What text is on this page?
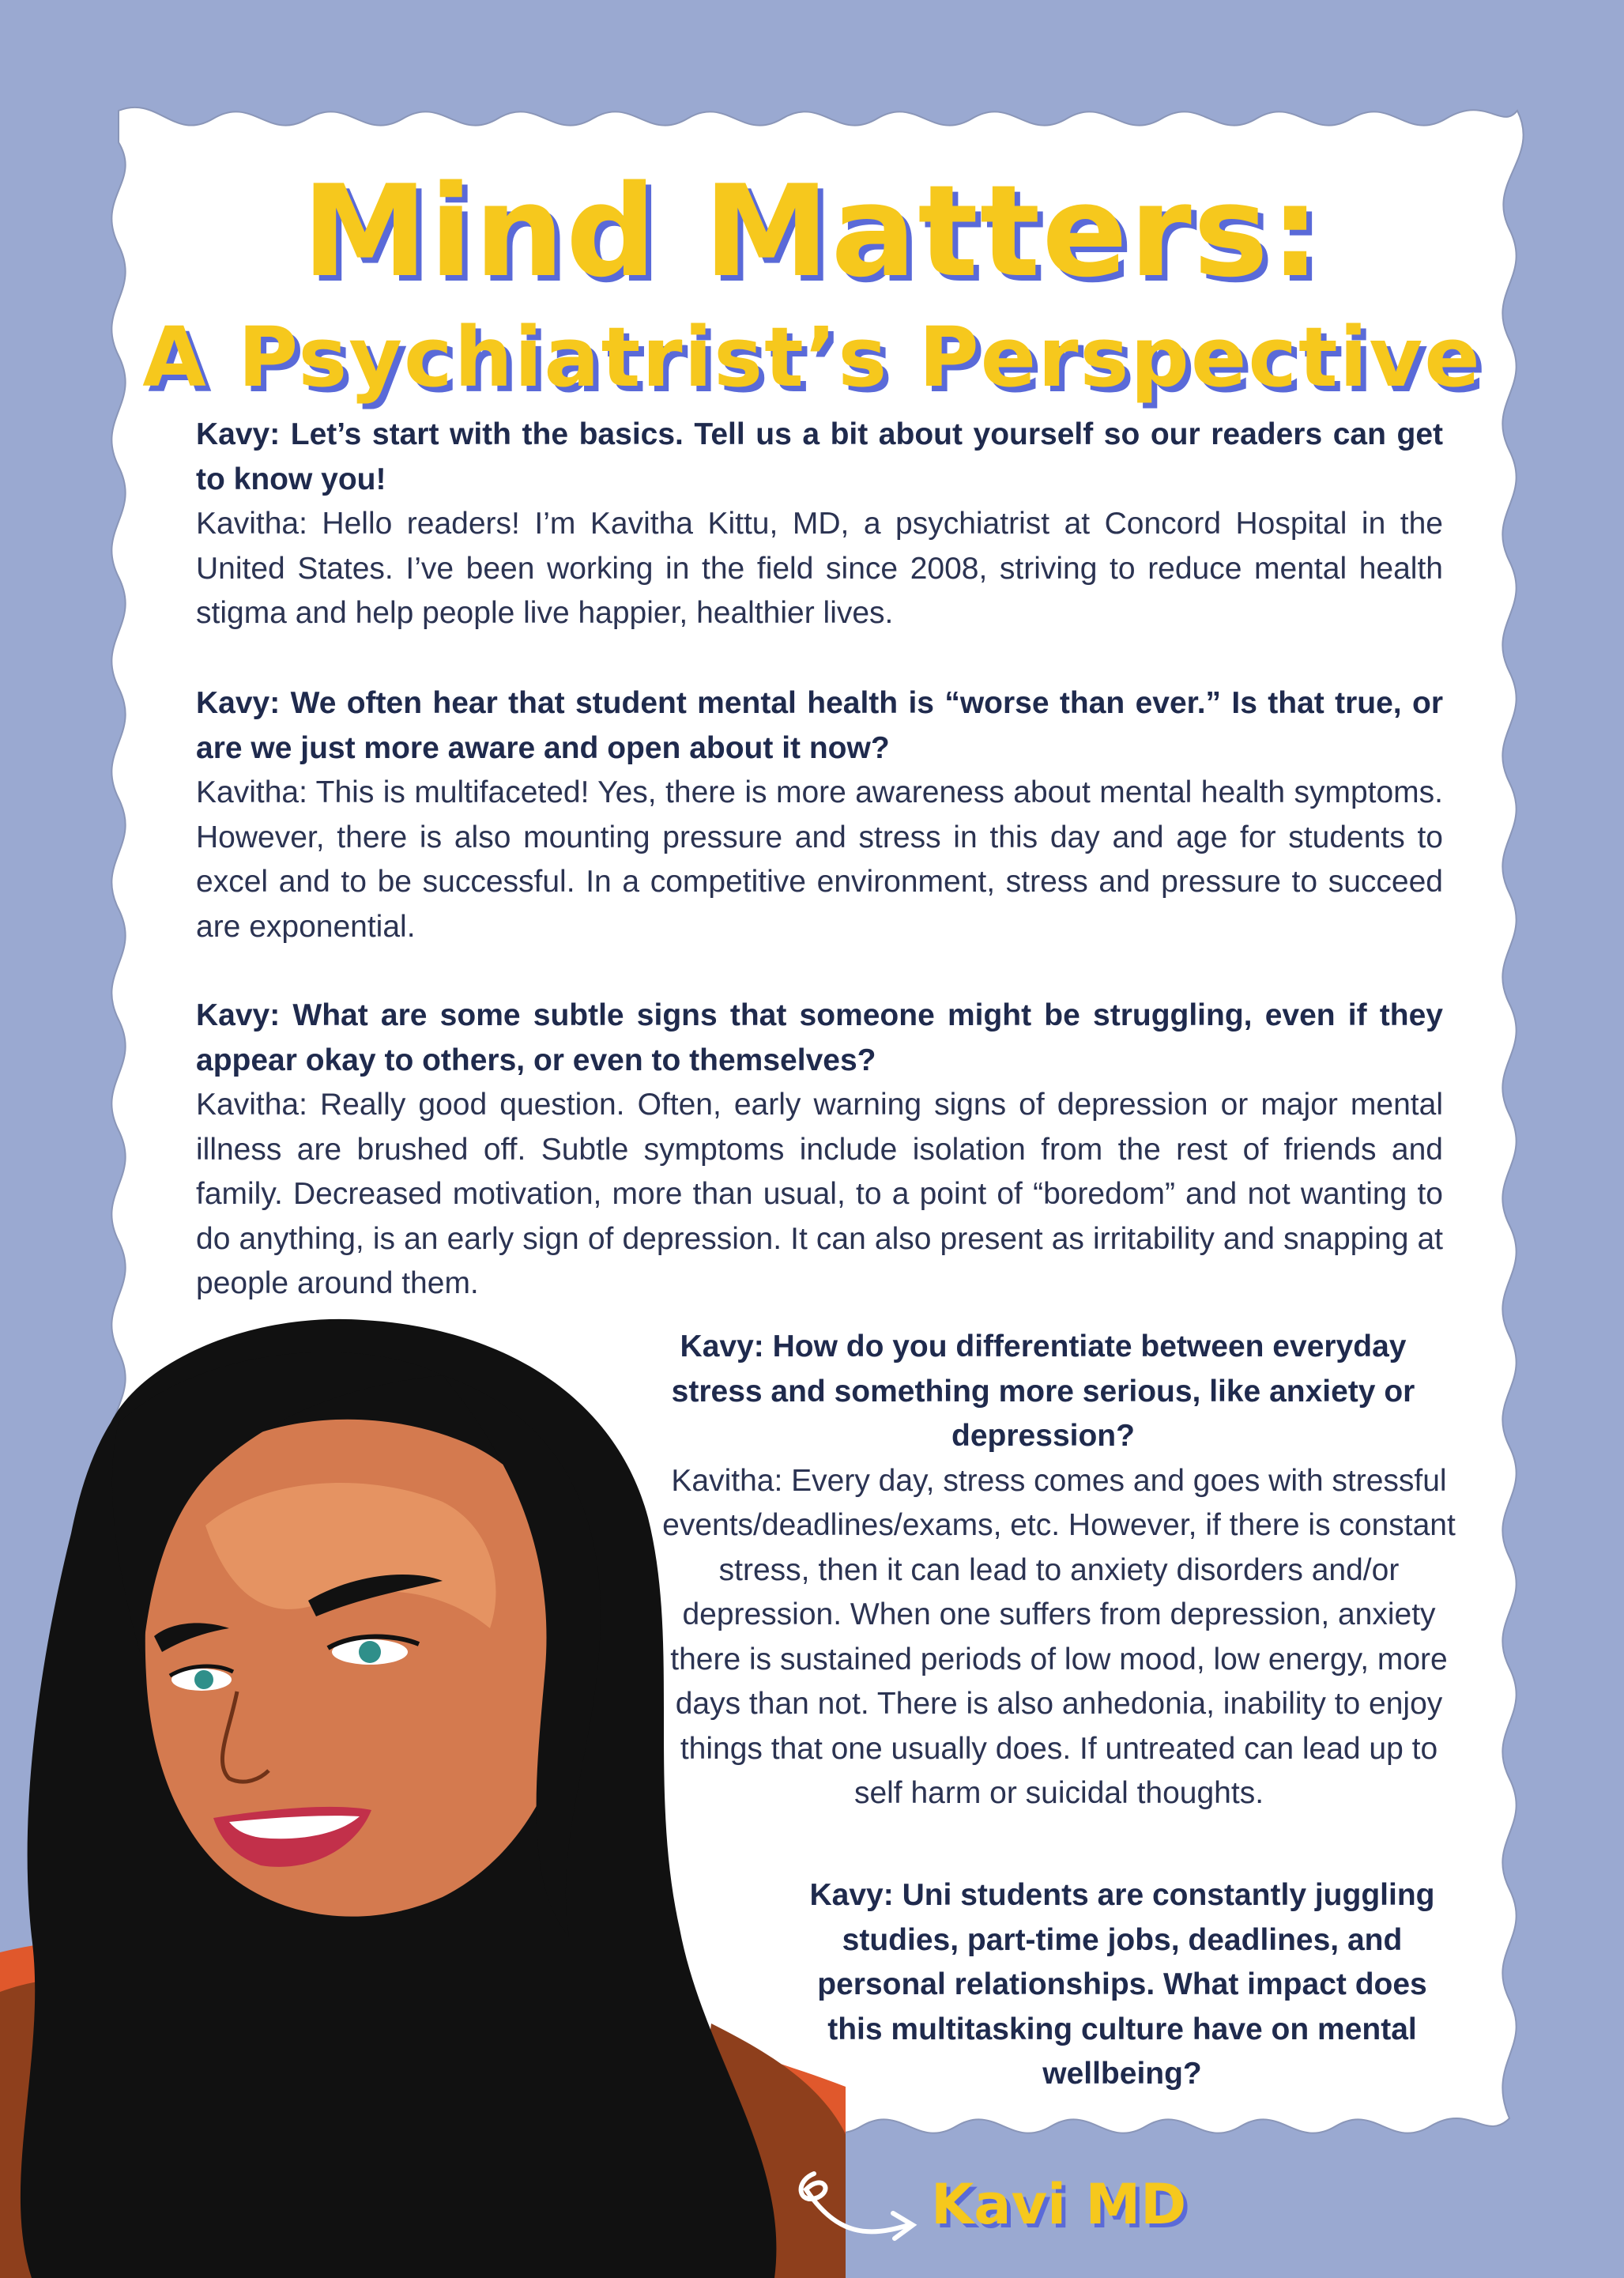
Mind Matters:
A Psychiatrist’s Perspective
Kavy: Let’s start with the basics. Tell us a bit about yourself so our readers can get to know you!
Kavitha: Hello readers! I’m Kavitha Kittu, MD, a psychiatrist at Concord Hospital in the United States. I’ve been working in the field since 2008, striving to reduce mental health stigma and help people live happier, healthier lives.
Kavy: We often hear that student mental health is “worse than ever.” Is that true, or are we just more aware and open about it now?
Kavitha: This is multifaceted! Yes, there is more awareness about mental health symptoms. However, there is also mounting pressure and stress in this day and age for students to excel and to be successful. In a competitive environment, stress and pressure to succeed are exponential.
Kavy: What are some subtle signs that someone might be struggling, even if they appear okay to others, or even to themselves?
Kavitha: Really good question. Often, early warning signs of depression or major mental illness are brushed off. Subtle symptoms include isolation from the rest of friends and family. Decreased motivation, more than usual, to a point of “boredom” and not wanting to do anything, is an early sign of depression. It can also present as irritability and snapping at people around them.
Kavy: How do you differentiate between everyday stress and something more serious, like anxiety or depression?
Kavitha: Every day, stress comes and goes with stressful events/deadlines/exams, etc. However, if there is constant stress, then it can lead to anxiety disorders and/or depression. When one suffers from depression, anxiety there is sustained periods of low mood, low energy, more days than not. There is also anhedonia, inability to enjoy things that one usually does. If untreated can lead up to self harm or suicidal thoughts.
Kavy: Uni students are constantly juggling studies, part-time jobs, deadlines, and personal relationships. What impact does this multitasking culture have on mental wellbeing?
Kavi MD
